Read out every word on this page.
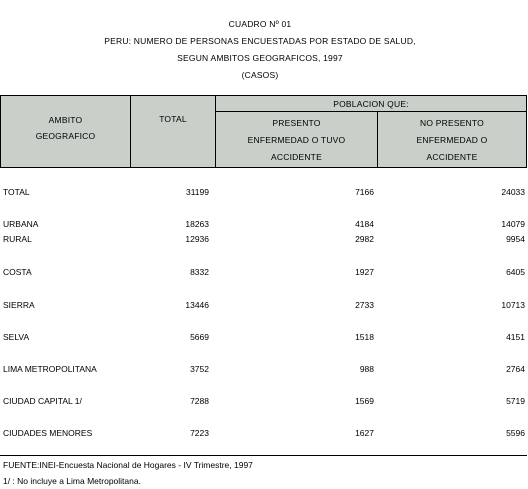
CUADRO Nº 01
PERU: NUMERO DE PERSONAS ENCUESTADAS POR ESTADO DE SALUD,
SEGUN AMBITOS GEOGRAFICOS, 1997
(CASOS)
AMBITO
GEOGRAFICO
TOTAL
POBLACION QUE:
PRESENTO
ENFERMEDAD O TUVO
ACCIDENTE
NO PRESENTO
ENFERMEDAD O
ACCIDENTE
TOTAL	31199	7166	24033
URBANA	18263	4184	14079
RURAL	12936	2982	9954
COSTA	8332	1927	6405
SIERRA	13446	2733	10713
SELVA	5669	1518	4151
LIMA METROPOLITANA	3752	988	2764
CIUDAD CAPITAL 1/	7288	1569	5719
CIUDADES MENORES	7223	1627	5596
FUENTE:INEI-Encuesta Nacional de Hogares - IV Trimestre, 1997
1/ : No incluye a Lima Metropolitana.
